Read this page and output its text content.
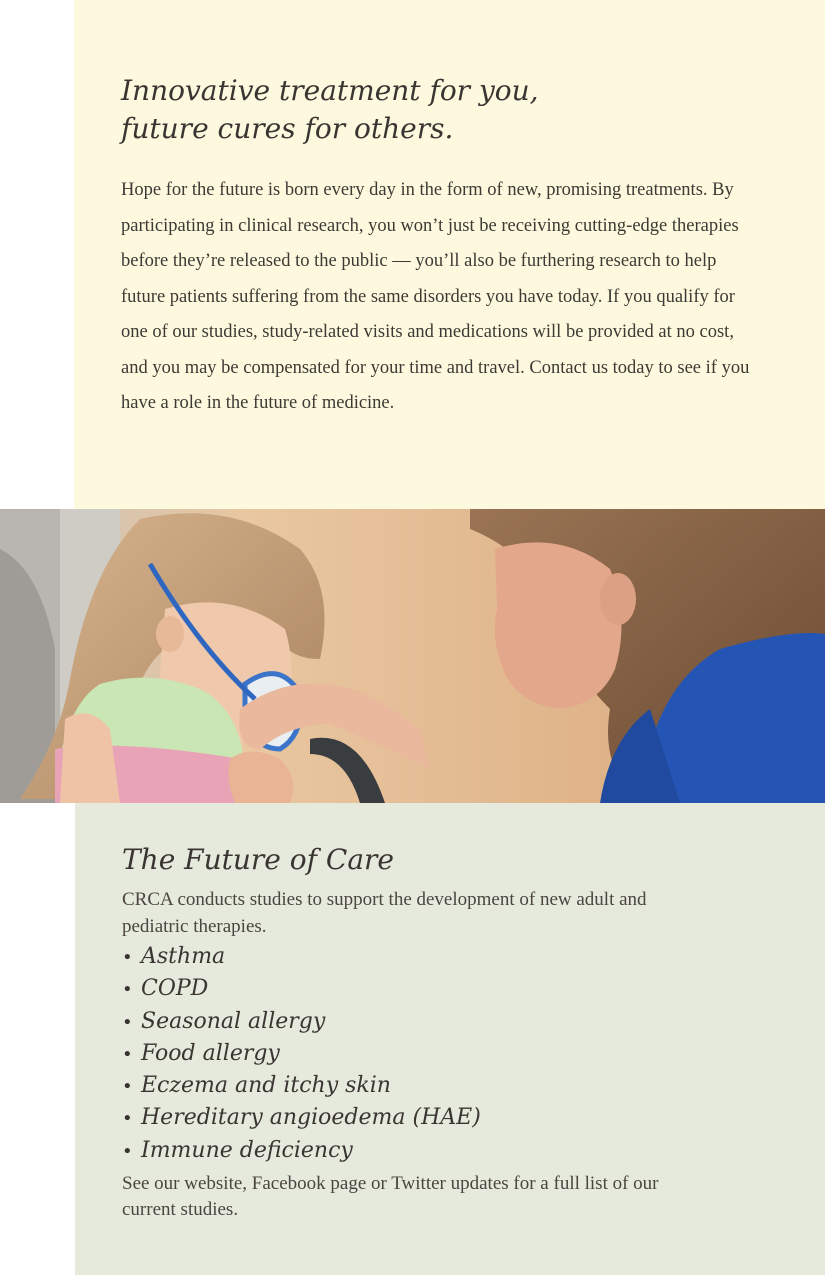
Innovative treatment for you,
future cures for others.

Hope for the future is born every day in the form of new, promising treatments. By participating in clinical research, you won’t just be receiving cutting-edge therapies before they’re released to the public — you’ll also be furthering research to help future patients suffering from the same disorders you have today. If you qualify for one of our studies, study-related visits and medications will be provided at no cost, and you may be compensated for your time and travel. Contact us today to see if you have a role in the future of medicine.

The Future of Care

CRCA conducts studies to support the development of new adult and pediatric therapies.

• Asthma
• COPD
• Seasonal allergy
• Food allergy
• Eczema and itchy skin
• Hereditary angioedema (HAE)
• Immune deficiency

See our website, Facebook page or Twitter updates for a full list of our current studies.
